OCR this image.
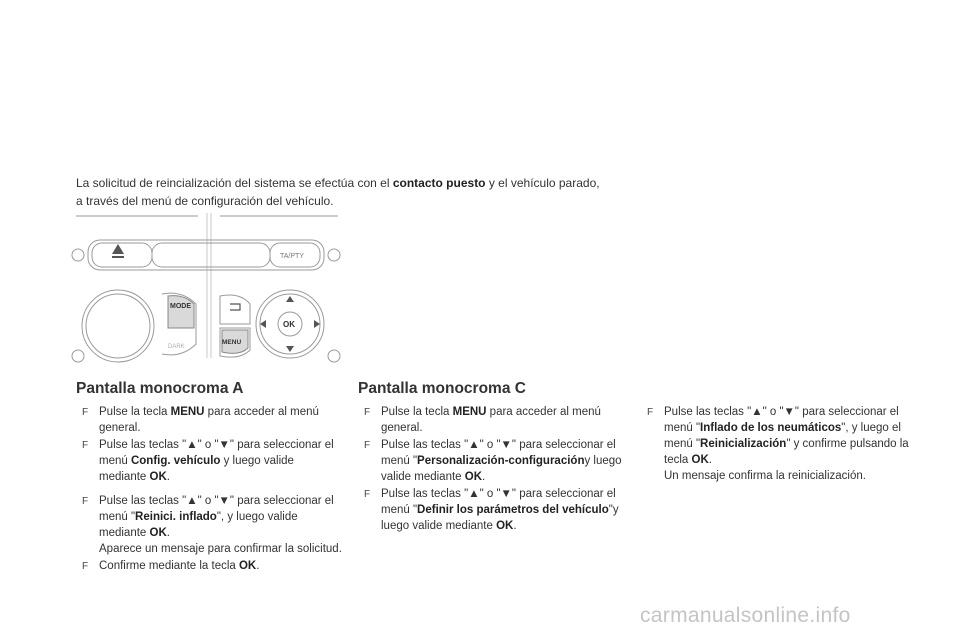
La solicitud de reincialización del sistema se efectúa con el contacto puesto y el vehículo parado,
a través del menú de configuración del vehículo.

MODE
DARK
MENU
OK
TA/PTY
Pantalla monocroma A	Pantalla monocroma C
F Pulse la tecla MENU para acceder al menú general.
F Pulse las teclas "▲" o "▼" para seleccionar el menú Config. vehículo y luego valide mediante OK.
F Pulse las teclas "▲" o "▼" para seleccionar el menú "Reinici. inflado", y luego valide mediante OK.
Aparece un mensaje para confirmar la solicitud.
F Confirme mediante la tecla OK.
F Pulse la tecla MENU para acceder al menú general.
F Pulse las teclas "▲" o "▼" para seleccionar el menú "Personalización-configuracióny luego valide mediante OK.
F Pulse las teclas "▲" o "▼" para seleccionar el menú "Definir los parámetros del vehículo"y luego valide mediante OK.
F Pulse las teclas "▲" o "▼" para seleccionar el menú "Inflado de los neumáticos", y luego el menú "Reinicialización" y confirme pulsando la tecla OK.
Un mensaje confirma la reinicialización.
carmanualsonline.info
